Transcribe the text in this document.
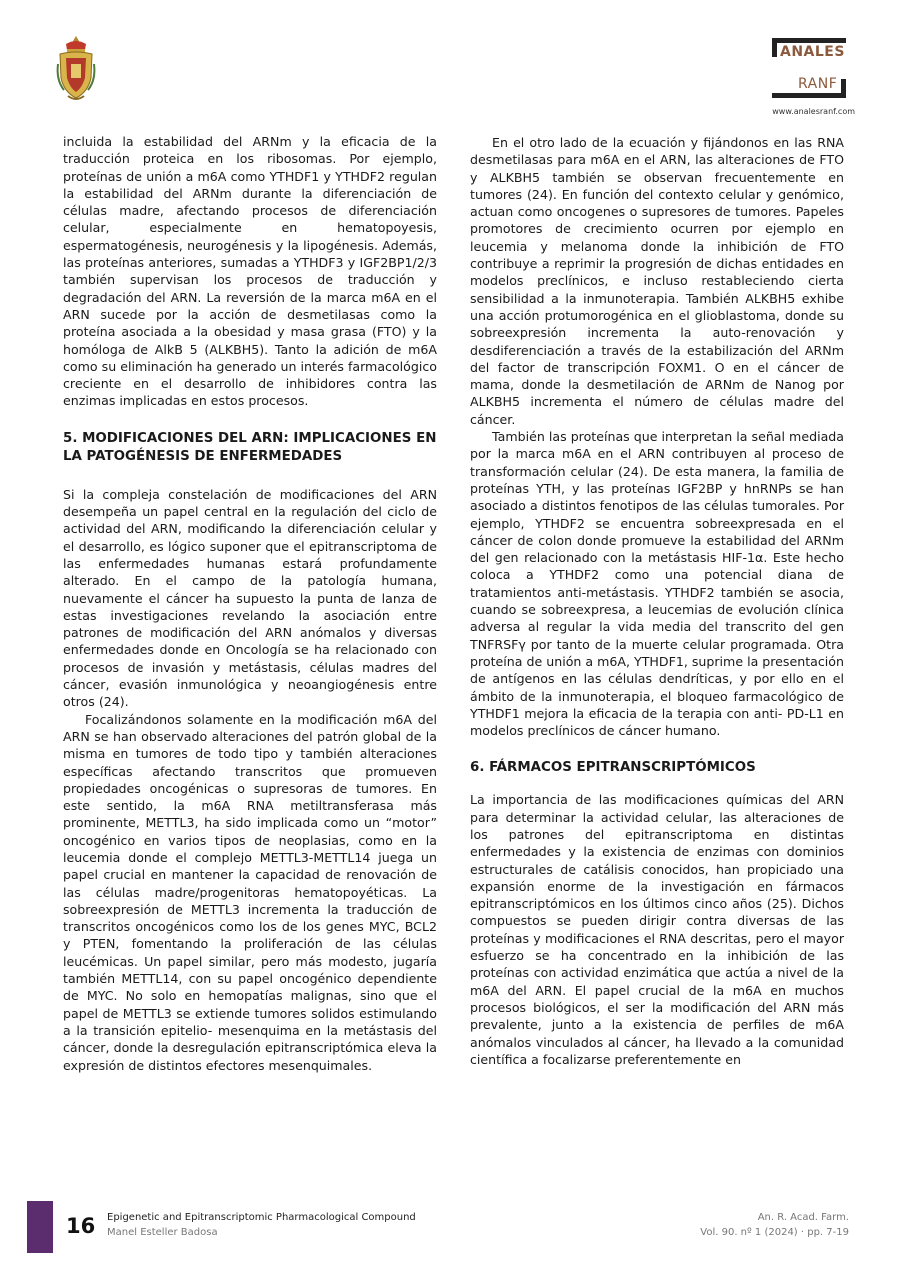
ANALES
RANF
www.analesranf.com

incluida la estabilidad del ARNm y la eficacia de la traducción proteica en los ribosomas. Por ejemplo, proteínas de unión a m6A como YTHDF1 y YTHDF2 regulan la estabilidad del ARNm durante la diferenciación de células madre, afectando procesos de diferenciación celular, especialmente en hematopoyesis, espermatogénesis, neurogénesis y la lipogénesis. Además, las proteínas anteriores, sumadas a YTHDF3 y IGF2BP1/2/3 también supervisan los procesos de traducción y degradación del ARN. La reversión de la marca m6A en el ARN sucede por la acción de desmetilasas como la proteína asociada a la obesidad y masa grasa (FTO) y la homóloga de AlkB 5 (ALKBH5). Tanto la adición de m6A como su eliminación ha generado un interés farmacológico creciente en el desarrollo de inhibidores contra las enzimas implicadas en estos procesos.

5. MODIFICACIONES DEL ARN: IMPLICACIONES EN LA PATOGÉNESIS DE ENFERMEDADES

Si la compleja constelación de modificaciones del ARN desempeña un papel central en la regulación del ciclo de actividad del ARN, modificando la diferenciación celular y el desarrollo, es lógico suponer que el epitranscriptoma de las enfermedades humanas estará profundamente alterado. En el campo de la patología humana, nuevamente el cáncer ha supuesto la punta de lanza de estas investigaciones revelando la asociación entre patrones de modificación del ARN anómalos y diversas enfermedades donde en Oncología se ha relacionado con procesos de invasión y metástasis, células madres del cáncer, evasión inmunológica y neoangiogénesis entre otros (24).

Focalizándonos solamente en la modificación m6A del ARN se han observado alteraciones del patrón global de la misma en tumores de todo tipo y también alteraciones específicas afectando transcritos que promueven propiedades oncogénicas o supresoras de tumores. En este sentido, la m6A RNA metiltransferasa más prominente, METTL3, ha sido implicada como un “motor” oncogénico en varios tipos de neoplasias, como en la leucemia donde el complejo METTL3-METTL14 juega un papel crucial en mantener la capacidad de renovación de las células madre/progenitoras hematopoyéticas. La sobreexpresión de METTL3 incrementa la traducción de transcritos oncogénicos como los de los genes MYC, BCL2 y PTEN, fomentando la proliferación de las células leucémicas. Un papel similar, pero más modesto, jugaría también METTL14, con su papel oncogénico dependiente de MYC. No solo en hemopatías malignas, sino que el papel de METTL3 se extiende tumores solidos estimulando a la transición epitelio- mesenquima en la metástasis del cáncer, donde la desregulación epitranscriptómica eleva la expresión de distintos efectores mesenquimales.

En el otro lado de la ecuación y fijándonos en las RNA desmetilasas para m6A en el ARN, las alteraciones de FTO y ALKBH5 también se observan frecuentemente en tumores (24). En función del contexto celular y genómico, actuan como oncogenes o supresores de tumores. Papeles promotores de crecimiento ocurren por ejemplo en leucemia y melanoma donde la inhibición de FTO contribuye a reprimir la progresión de dichas entidades en modelos preclínicos, e incluso restableciendo cierta sensibilidad a la inmunoterapia. También ALKBH5 exhibe una acción protumorogénica en el glioblastoma, donde su sobreexpresión incrementa la auto-renovación y desdiferenciación a través de la estabilización del ARNm del factor de transcripción FOXM1. O en el cáncer de mama, donde la desmetilación de ARNm de Nanog por ALKBH5 incrementa el número de células madre del cáncer.

También las proteínas que interpretan la señal mediada por la marca m6A en el ARN contribuyen al proceso de transformación celular (24). De esta manera, la familia de proteínas YTH, y las proteínas IGF2BP y hnRNPs se han asociado a distintos fenotipos de las células tumorales. Por ejemplo, YTHDF2 se encuentra sobreexpresada en el cáncer de colon donde promueve la estabilidad del ARNm del gen relacionado con la metástasis HIF-1α. Este hecho coloca a YTHDF2 como una potencial diana de tratamientos anti-metástasis. YTHDF2 también se asocia, cuando se sobreexpresa, a leucemias de evolución clínica adversa al regular la vida media del transcrito del gen TNFRSFγ por tanto de la muerte celular programada. Otra proteína de unión a m6A, YTHDF1, suprime la presentación de antígenos en las células dendríticas, y por ello en el ámbito de la inmunoterapia, el bloqueo farmacológico de YTHDF1 mejora la eficacia de la terapia con anti- PD-L1 en modelos preclínicos de cáncer humano.

6. FÁRMACOS EPITRANSCRIPTÓMICOS

La importancia de las modificaciones químicas del ARN para determinar la actividad celular, las alteraciones de los patrones del epitranscriptoma en distintas enfermedades y la existencia de enzimas con dominios estructurales de catálisis conocidos, han propiciado una expansión enorme de la investigación en fármacos epitranscriptómicos en los últimos cinco años (25). Dichos compuestos se pueden dirigir contra diversas de las proteínas y modificaciones el RNA descritas, pero el mayor esfuerzo se ha concentrado en la inhibición de las proteínas con actividad enzimática que actúa a nivel de la m6A del ARN. El papel crucial de la m6A en muchos procesos biológicos, el ser la modificación del ARN más prevalente, junto a la existencia de perfiles de m6A anómalos vinculados al cáncer, ha llevado a la comunidad científica a focalizarse preferentemente en

16 Epigenetic and Epitranscriptomic Pharmacological Compound
Manel Esteller Badosa
An. R. Acad. Farm.
Vol. 90. nº 1 (2024) · pp. 7-19
